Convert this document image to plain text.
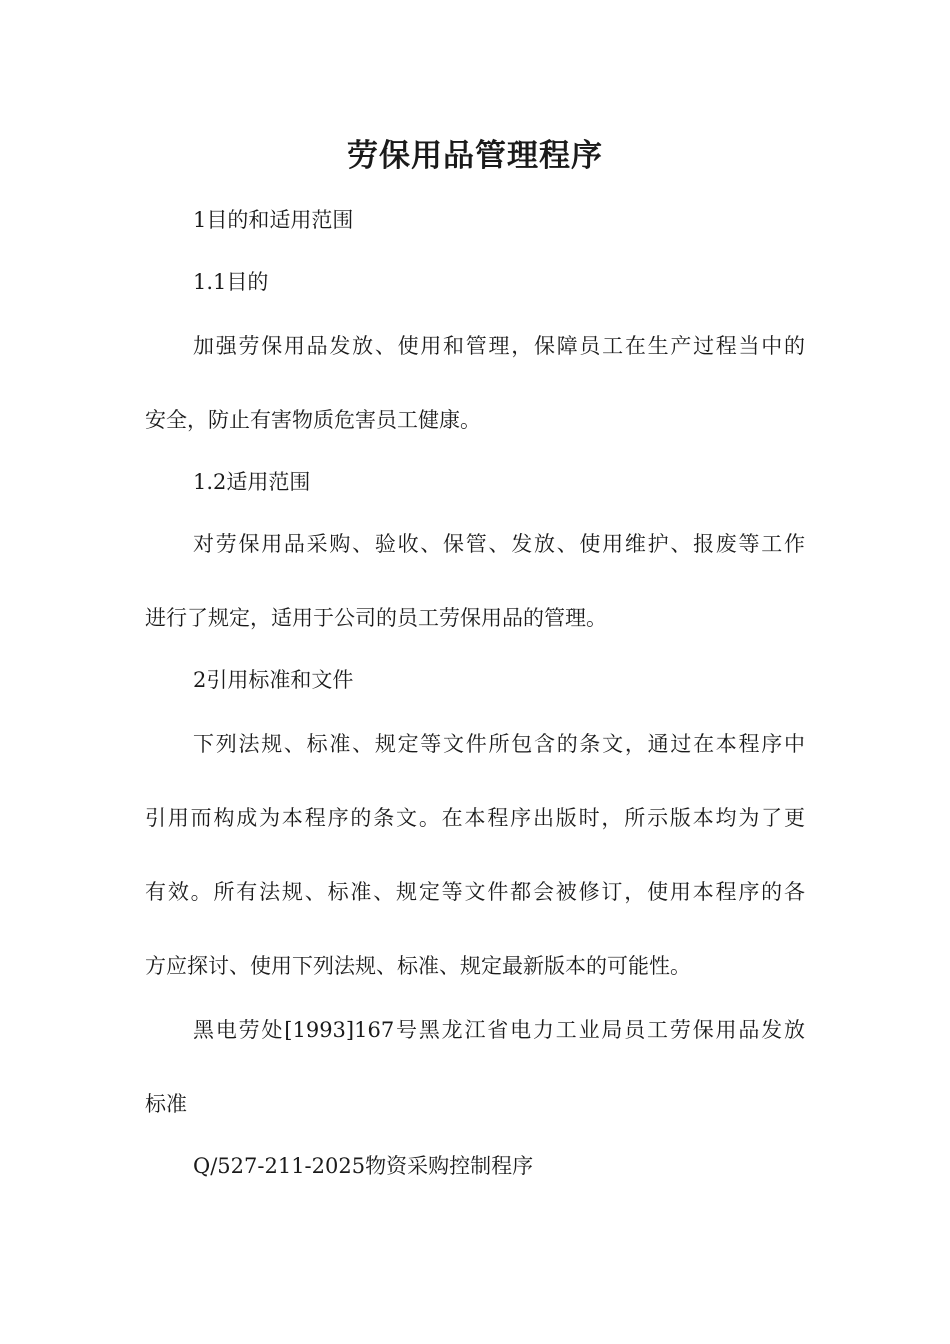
劳保用品管理程序

1目的和适用范围

1.1目的

加强劳保用品发放、使用和管理，保障员工在生产过程当中的

安全，防止有害物质危害员工健康。

1.2适用范围

对劳保用品采购、验收、保管、发放、使用维护、报废等工作

进行了规定，适用于公司的员工劳保用品的管理。

2引用标准和文件

下列法规、标准、规定等文件所包含的条文，通过在本程序中

引用而构成为本程序的条文。在本程序出版时，所示版本均为了更

有效。所有法规、标准、规定等文件都会被修订，使用本程序的各

方应探讨、使用下列法规、标准、规定最新版本的可能性。

黑电劳处[1993]167号黑龙江省电力工业局员工劳保用品发放

标准

Q/527-211-2025物资采购控制程序
